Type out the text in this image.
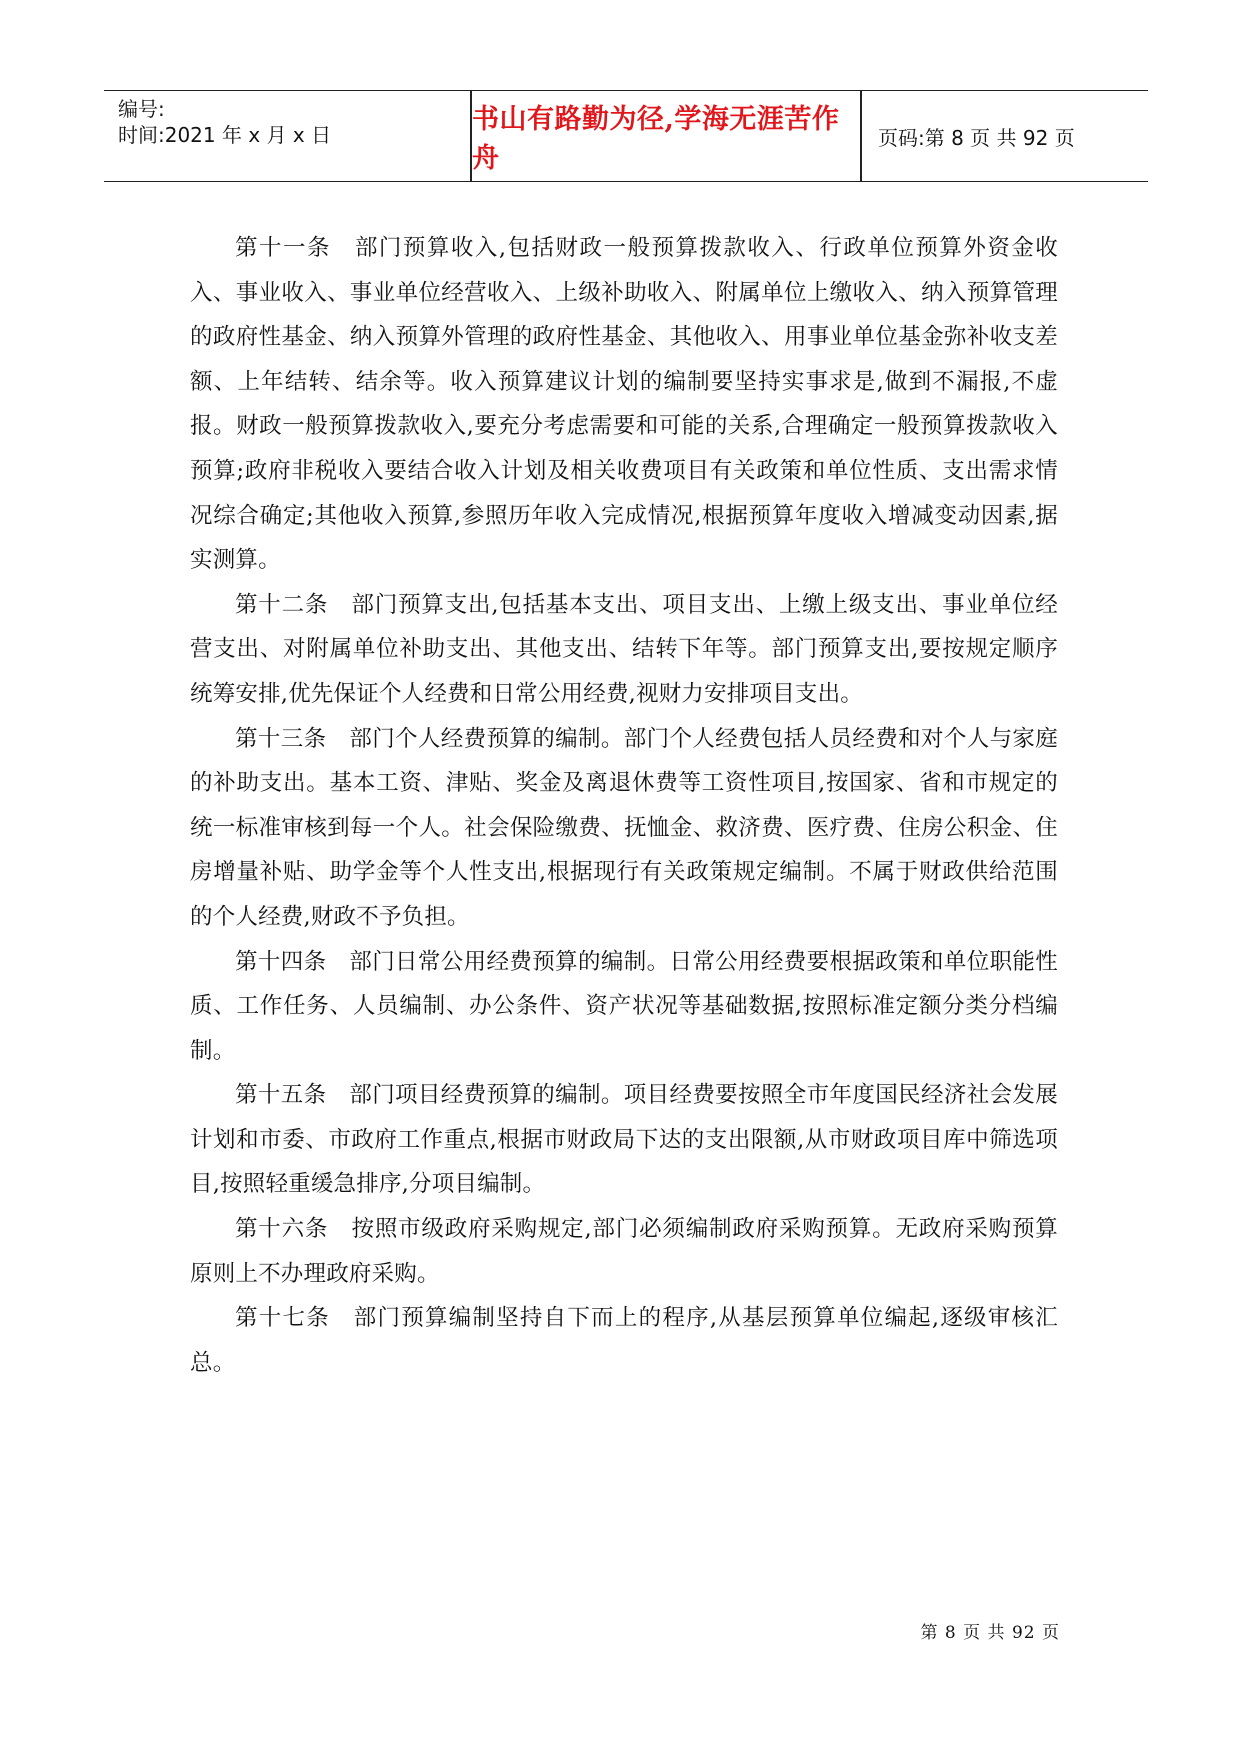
编号:
时间:2021 年 x 月 x 日	书山有路勤为径,学海无涯苦作舟
页码:第 8 页 共 92 页

第十一条　部门预算收入,包括财政一般预算拨款收入、行政单位预算外资金收入、事业收入、事业单位经营收入、上级补助收入、附属单位上缴收入、纳入预算管理的政府性基金、纳入预算外管理的政府性基金、其他收入、用事业单位基金弥补收支差额、上年结转、结余等。收入预算建议计划的编制要坚持实事求是,做到不漏报,不虚报。财政一般预算拨款收入,要充分考虑需要和可能的关系,合理确定一般预算拨款收入预算;政府非税收入要结合收入计划及相关收费项目有关政策和单位性质、支出需求情况综合确定;其他收入预算,参照历年收入完成情况,根据预算年度收入增减变动因素,据实测算。

第十二条　部门预算支出,包括基本支出、项目支出、上缴上级支出、事业单位经营支出、对附属单位补助支出、其他支出、结转下年等。部门预算支出,要按规定顺序统筹安排,优先保证个人经费和日常公用经费,视财力安排项目支出。

第十三条　部门个人经费预算的编制。部门个人经费包括人员经费和对个人与家庭的补助支出。基本工资、津贴、奖金及离退休费等工资性项目,按国家、省和市规定的统一标准审核到每一个人。社会保险缴费、抚恤金、救济费、医疗费、住房公积金、住房增量补贴、助学金等个人性支出,根据现行有关政策规定编制。不属于财政供给范围的个人经费,财政不予负担。

第十四条　部门日常公用经费预算的编制。日常公用经费要根据政策和单位职能性质、工作任务、人员编制、办公条件、资产状况等基础数据,按照标准定额分类分档编制。

第十五条　部门项目经费预算的编制。项目经费要按照全市年度国民经济社会发展计划和市委、市政府工作重点,根据市财政局下达的支出限额,从市财政项目库中筛选项目,按照轻重缓急排序,分项目编制。

第十六条　按照市级政府采购规定,部门必须编制政府采购预算。无政府采购预算原则上不办理政府采购。

第十七条　部门预算编制坚持自下而上的程序,从基层预算单位编起,逐级审核汇总。

第 8 页 共 92 页
